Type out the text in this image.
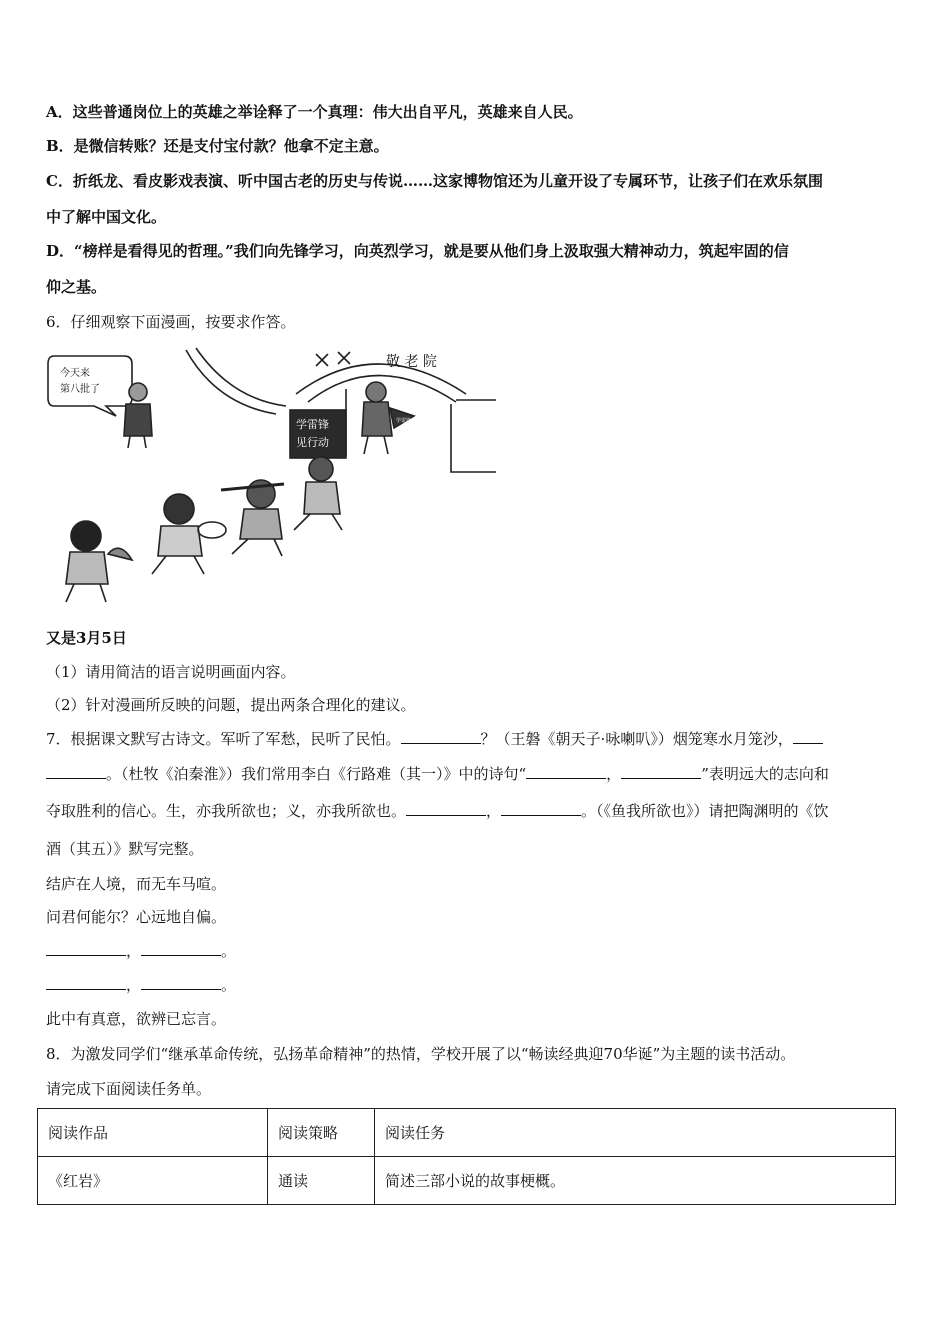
A．这些普通岗位上的英雄之举诠释了一个真理：伟大出自平凡，英雄来自人民。
B．是微信转账？还是支付宝付款？他拿不定主意。
C．折纸龙、看皮影戏表演、听中国古老的历史与传说……这家博物馆还为儿童开设了专属环节，让孩子们在欢乐氛围
中了解中国文化。
D．“榜样是看得见的哲理。”我们向先锋学习，向英烈学习，就是要从他们身上汲取强大精神动力，筑起牢固的信
仰之基。
6．仔细观察下面漫画，按要求作答。
今天来
第八批了
学雷锋
见行动
敬 老 院
学雷锋
又是3月5日
（1）请用简洁的语言说明画面内容。
（2）针对漫画所反映的问题，提出两条合理化的建议。
7．根据课文默写古诗文。军听了军愁，民听了民怕。	？（王磐《朝天子·咏喇叭》）烟笼寒水月笼沙，
。（杜牧《泊秦淮》）我们常用李白《行路难（其一）》中的诗句“	，	”表明远大的志向和
夺取胜利的信心。生，亦我所欲也；义，亦我所欲也。	，	。（《鱼我所欲也》）请把陶渊明的《饮
酒（其五）》默写完整。
结庐在人境，而无车马喧。
问君何能尔？心远地自偏。
，	。
，	。
此中有真意，欲辨已忘言。
8．为激发同学们“继承革命传统，弘扬革命精神”的热情，学校开展了以“畅读经典迎70华诞”为主题的读书活动。
请完成下面阅读任务单。
阅读作品	阅读策略	阅读任务
《红岩》	通读	简述三部小说的故事梗概。
